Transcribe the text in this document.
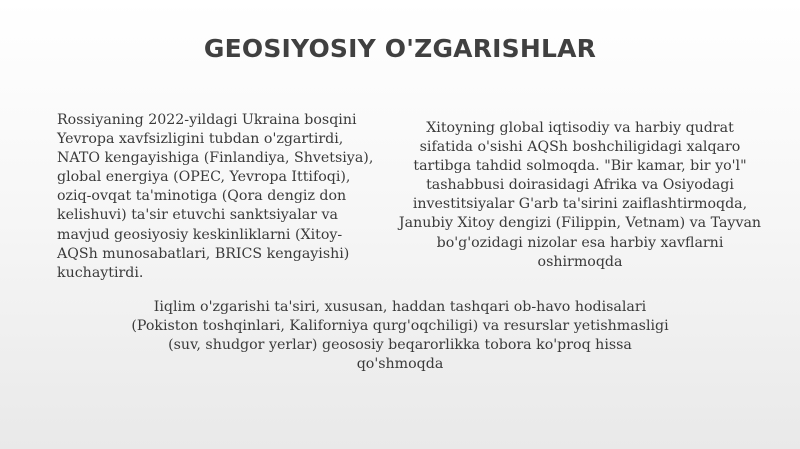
GEOSIYOSIY O'ZGARISHLAR

Rossiyaning 2022-yildagi Ukraina bosqini Yevropa xavfsizligini tubdan o'zgartirdi, NATO kengayishiga (Finlandiya, Shvetsiya), global energiya (OPEC, Yevropa Ittifoqi), oziq-ovqat ta'minotiga (Qora dengiz don kelishuvi) ta'sir etuvchi sanktsiyalar va mavjud geosiyosiy keskinliklarni (Xitoy-AQSh munosabatlari, BRICS kengayishi) kuchaytirdi.

Xitoyning global iqtisodiy va harbiy qudrat sifatida o'sishi AQSh boshchiligidagi xalqaro tartibga tahdid solmoqda. "Bir kamar, bir yo'l" tashabbusi doirasidagi Afrika va Osiyodagi investitsiyalar G'arb ta'sirini zaiflashtirmoqda, Janubiy Xitoy dengizi (Filippin, Vetnam) va Tayvan bo'g'ozidagi nizolar esa harbiy xavflarni oshirmoqda

Iiqlim o'zgarishi ta'siri, xususan, haddan tashqari ob-havo hodisalari (Pokiston toshqinlari, Kaliforniya qurg'oqchiligi) va resurslar yetishmasligi (suv, shudgor yerlar) geososiy beqarorlikka tobora ko'proq hissa qo'shmoqda
